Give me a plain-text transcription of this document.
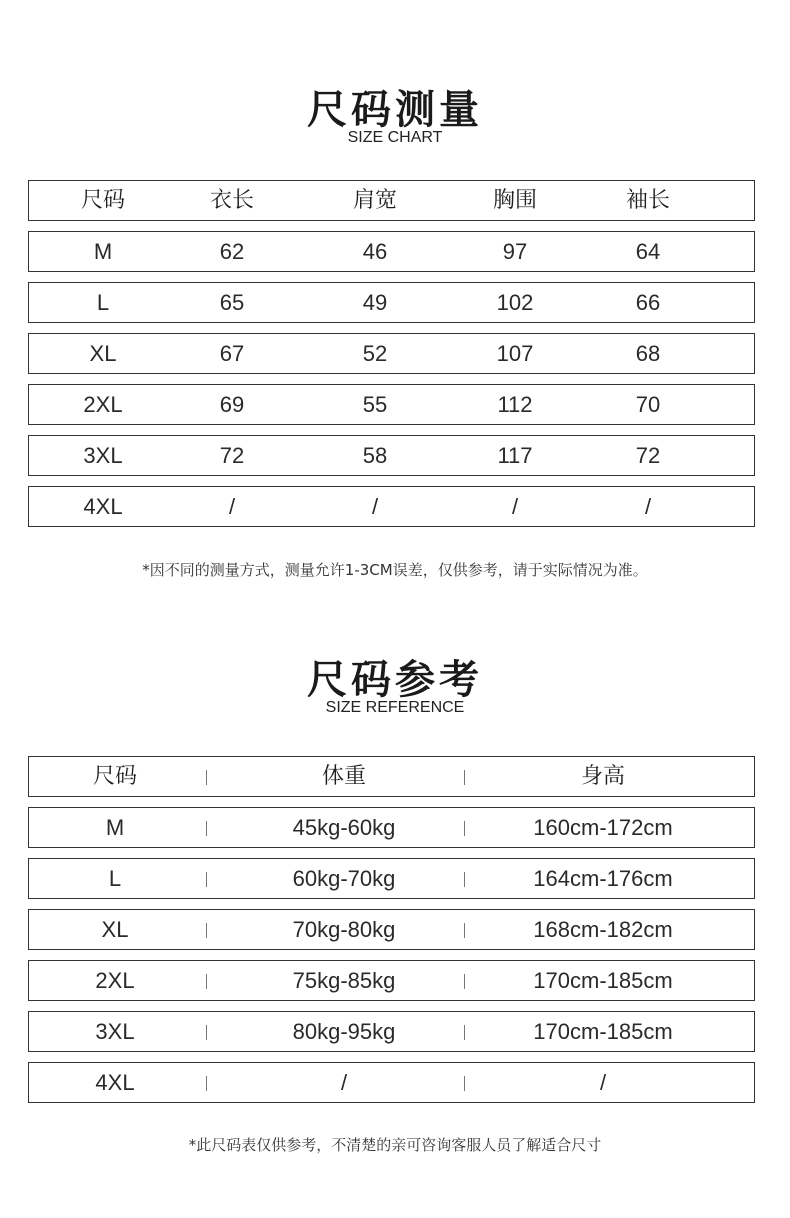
尺码测量
SIZE CHART
尺码	衣长	肩宽	胸围	袖长
M	62	46	97	64
L	65	49	102	66
XL	67	52	107	68
2XL	69	55	112	70
3XL	72	58	117	72
4XL	/	/	/	/
*因不同的测量方式，测量允许1-3CM误差，仅供参考，请于实际情况为准。
尺码参考
SIZE REFERENCE
尺码	体重	身高
M	45kg-60kg	160cm-172cm
L	60kg-70kg	164cm-176cm
XL	70kg-80kg	168cm-182cm
2XL	75kg-85kg	170cm-185cm
3XL	80kg-95kg	170cm-185cm
4XL	/	/
*此尺码表仅供参考，不清楚的亲可咨询客服人员了解适合尺寸
